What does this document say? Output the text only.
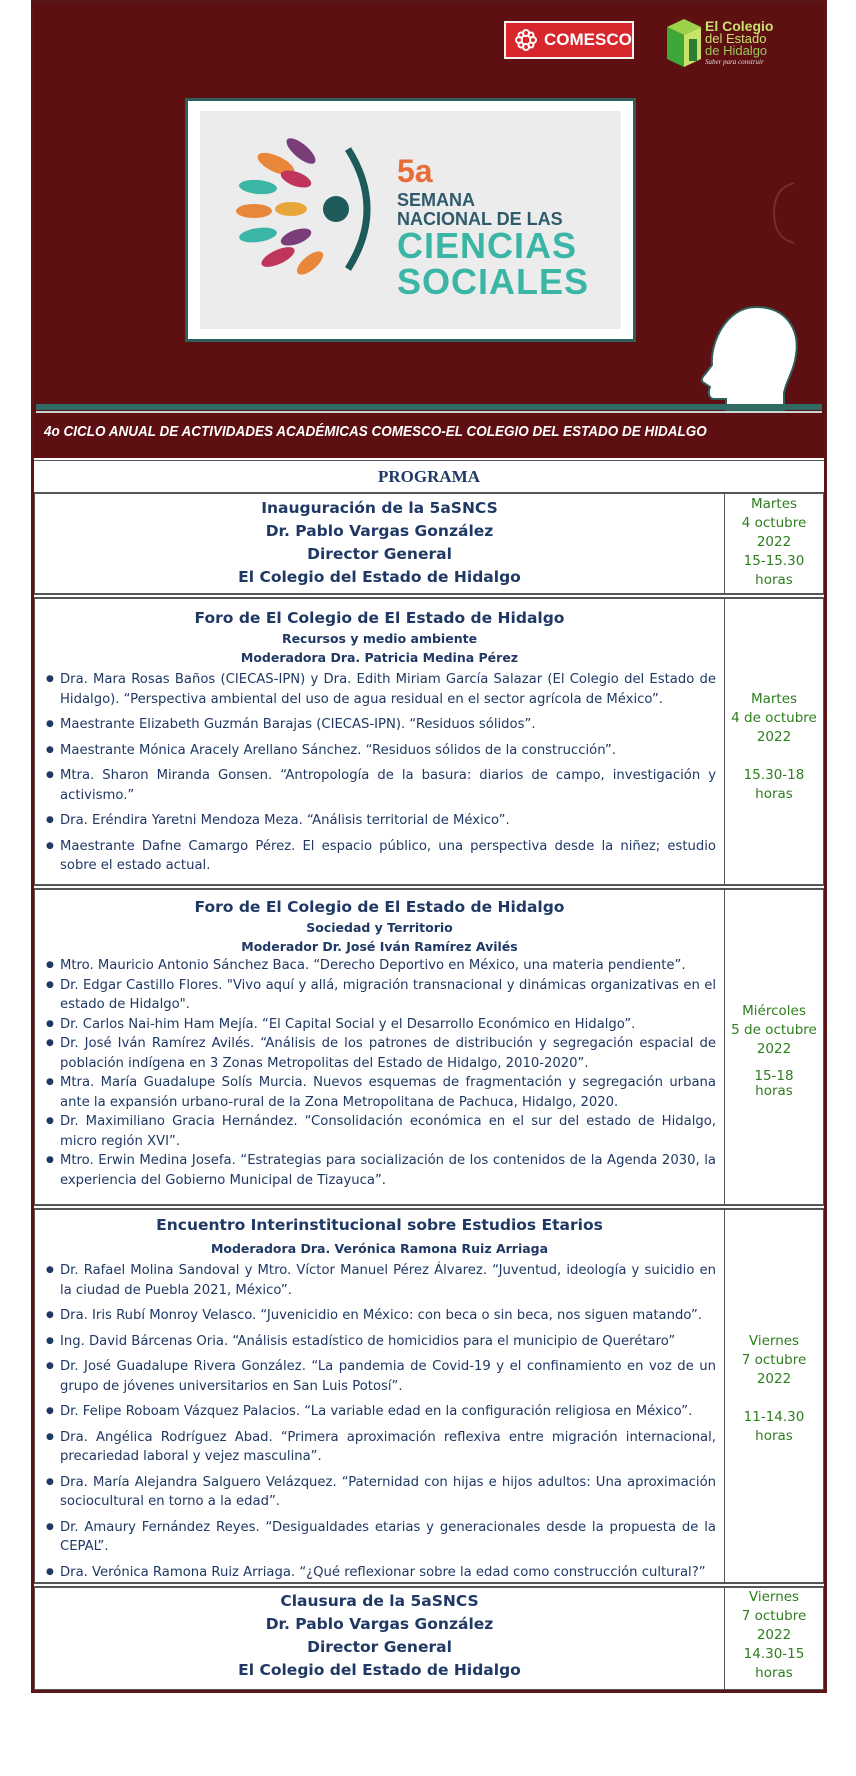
COMESCO
El Colegio
del Estado
de Hidalgo
Saber para construir
5a
SEMANA
NACIONAL DE LAS
CIENCIAS
SOCIALES
4o CICLO ANUAL DE ACTIVIDADES ACADÉMICAS COMESCO-EL COLEGIO DEL ESTADO DE HIDALGO
PROGRAMA
Inauguración de la 5aSNCS
Dr. Pablo Vargas González
Director General
El Colegio del Estado de Hidalgo
Martes
4 octubre
2022
15-15.30
horas
Foro de El Colegio de El Estado de Hidalgo
Recursos y medio ambiente
Moderadora Dra. Patricia Medina Pérez
● Dra. Mara Rosas Baños (CIECAS-IPN) y Dra. Edith Miriam García Salazar (El Colegio del Estado de Hidalgo). “Perspectiva ambiental del uso de agua residual en el sector agrícola de México”.
● Maestrante Elizabeth Guzmán Barajas (CIECAS-IPN). “Residuos sólidos”.
● Maestrante Mónica Aracely Arellano Sánchez. “Residuos sólidos de la construcción”.
● Mtra. Sharon Miranda Gonsen. “Antropología de la basura: diarios de campo, investigación y activismo.”
● Dra. Eréndira Yaretni Mendoza Meza. “Análisis territorial de México”.
● Maestrante Dafne Camargo Pérez. El espacio público, una perspectiva desde la niñez; estudio sobre el estado actual.
Martes
4 de octubre
2022
15.30-18
horas
Foro de El Colegio de El Estado de Hidalgo
Sociedad y Territorio
Moderador Dr. José Iván Ramírez Avilés
● Mtro. Mauricio Antonio Sánchez Baca. “Derecho Deportivo en México, una materia pendiente”.
● Dr. Edgar Castillo Flores. "Vivo aquí y allá, migración transnacional y dinámicas organizativas en el estado de Hidalgo".
● Dr. Carlos Nai-him Ham Mejía. “El Capital Social y el Desarrollo Económico en Hidalgo”.
● Dr. José Iván Ramírez Avilés. “Análisis de los patrones de distribución y segregación espacial de población indígena en 3 Zonas Metropolitas del Estado de Hidalgo, 2010-2020”.
● Mtra. María Guadalupe Solís Murcia. Nuevos esquemas de fragmentación y segregación urbana ante la expansión urbano-rural de la Zona Metropolitana de Pachuca, Hidalgo, 2020.
● Dr. Maximiliano Gracia Hernández. “Consolidación económica en el sur del estado de Hidalgo, micro región XVI”.
● Mtro. Erwin Medina Josefa. “Estrategias para socialización de los contenidos de la Agenda 2030, la experiencia del Gobierno Municipal de Tizayuca”.
Miércoles
5 de octubre
2022
15-18
horas
Encuentro Interinstitucional sobre Estudios Etarios
Moderadora Dra. Verónica Ramona Ruiz Arriaga
● Dr. Rafael Molina Sandoval y Mtro. Víctor Manuel Pérez Álvarez. “Juventud, ideología y suicidio en la ciudad de Puebla 2021, México”.
● Dra. Iris Rubí Monroy Velasco. “Juvenicidio en México: con beca o sin beca, nos siguen matando”.
● Ing. David Bárcenas Oria. “Análisis estadístico de homicidios para el municipio de Querétaro”
● Dr. José Guadalupe Rivera González. “La pandemia de Covid-19 y el confinamiento en voz de un grupo de jóvenes universitarios en San Luis Potosí”.
● Dr. Felipe Roboam Vázquez Palacios. “La variable edad en la configuración religiosa en México”.
● Dra. Angélica Rodríguez Abad. “Primera aproximación reflexiva entre migración internacional, precariedad laboral y vejez masculina”.
● Dra. María Alejandra Salguero Velázquez. “Paternidad con hijas e hijos adultos: Una aproximación sociocultural en torno a la edad”.
● Dr. Amaury Fernández Reyes. “Desigualdades etarias y generacionales desde la propuesta de la CEPAL”.
● Dra. Verónica Ramona Ruiz Arriaga. “¿Qué reflexionar sobre la edad como construcción cultural?”
Viernes
7 octubre
2022
11-14.30
horas
Clausura de la 5aSNCS
Dr. Pablo Vargas González
Director General
El Colegio del Estado de Hidalgo
Viernes
7 octubre
2022
14.30-15
horas
